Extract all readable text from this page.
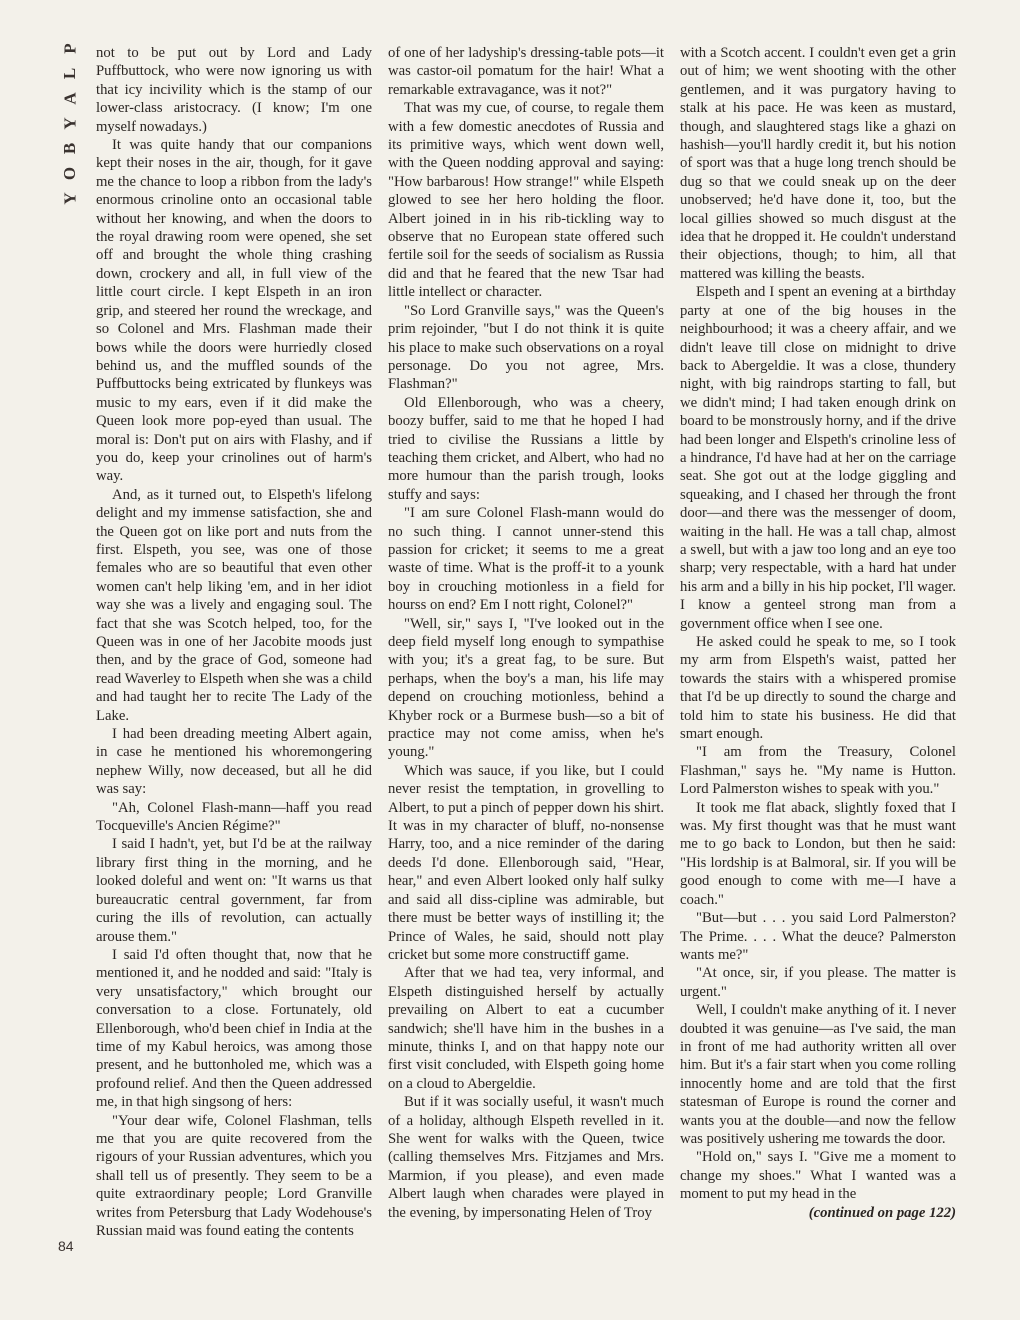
P
L
A
Y
B
O
Y
84

not to be put out by Lord and Lady Puffbuttock, who were now ignoring us with that icy incivility which is the stamp of our lower-class aristocracy. (I know; I'm one myself nowadays.)

It was quite handy that our companions kept their noses in the air, though, for it gave me the chance to loop a ribbon from the lady's enormous crinoline onto an occasional table without her knowing, and when the doors to the royal drawing room were opened, she set off and brought the whole thing crashing down, crockery and all, in full view of the little court circle. I kept Elspeth in an iron grip, and steered her round the wreckage, and so Colonel and Mrs. Flashman made their bows while the doors were hurriedly closed behind us, and the muffled sounds of the Puffbuttocks being extricated by flunkeys was music to my ears, even if it did make the Queen look more pop-eyed than usual. The moral is: Don't put on airs with Flashy, and if you do, keep your crinolines out of harm's way.

And, as it turned out, to Elspeth's lifelong delight and my immense satisfaction, she and the Queen got on like port and nuts from the first. Elspeth, you see, was one of those females who are so beautiful that even other women can't help liking 'em, and in her idiot way she was a lively and engaging soul. The fact that she was Scotch helped, too, for the Queen was in one of her Jacobite moods just then, and by the grace of God, someone had read Waverley to Elspeth when she was a child and had taught her to recite The Lady of the Lake.

I had been dreading meeting Albert again, in case he mentioned his whoremongering nephew Willy, now deceased, but all he did was say:

"Ah, Colonel Flash-mann—haff you read Tocqueville's Ancien Régime?"

I said I hadn't, yet, but I'd be at the railway library first thing in the morning, and he looked doleful and went on: "It warns us that bureaucratic central government, far from curing the ills of revolution, can actually arouse them."

I said I'd often thought that, now that he mentioned it, and he nodded and said: "Italy is very unsatisfactory," which brought our conversation to a close. Fortunately, old Ellenborough, who'd been chief in India at the time of my Kabul heroics, was among those present, and he buttonholed me, which was a profound relief. And then the Queen addressed me, in that high singsong of hers:

"Your dear wife, Colonel Flashman, tells me that you are quite recovered from the rigours of your Russian adventures, which you shall tell us of presently. They seem to be a quite extraordinary people; Lord Granville writes from Petersburg that Lady Wodehouse's Russian maid was found eating the contents

of one of her ladyship's dressing-table pots—it was castor-oil pomatum for the hair! What a remarkable extravagance, was it not?"

That was my cue, of course, to regale them with a few domestic anecdotes of Russia and its primitive ways, which went down well, with the Queen nodding approval and saying: "How barbarous! How strange!" while Elspeth glowed to see her hero holding the floor. Albert joined in in his rib-tickling way to observe that no European state offered such fertile soil for the seeds of socialism as Russia did and that he feared that the new Tsar had little intellect or character.

"So Lord Granville says," was the Queen's prim rejoinder, "but I do not think it is quite his place to make such observations on a royal personage. Do you not agree, Mrs. Flashman?"

Old Ellenborough, who was a cheery, boozy buffer, said to me that he hoped I had tried to civilise the Russians a little by teaching them cricket, and Albert, who had no more humour than the parish trough, looks stuffy and says:

"I am sure Colonel Flash-mann would do no such thing. I cannot unner-stend this passion for cricket; it seems to me a great waste of time. What is the proff-it to a younk boy in crouching motionless in a field for hourss on end? Em I nott right, Colonel?"

"Well, sir," says I, "I've looked out in the deep field myself long enough to sympathise with you; it's a great fag, to be sure. But perhaps, when the boy's a man, his life may depend on crouching motionless, behind a Khyber rock or a Burmese bush—so a bit of practice may not come amiss, when he's young."

Which was sauce, if you like, but I could never resist the temptation, in grovelling to Albert, to put a pinch of pepper down his shirt. It was in my character of bluff, no-nonsense Harry, too, and a nice reminder of the daring deeds I'd done. Ellenborough said, "Hear, hear," and even Albert looked only half sulky and said all diss-cipline was admirable, but there must be better ways of instilling it; the Prince of Wales, he said, should nott play cricket but some more constructiff game.

After that we had tea, very informal, and Elspeth distinguished herself by actually prevailing on Albert to eat a cucumber sandwich; she'll have him in the bushes in a minute, thinks I, and on that happy note our first visit concluded, with Elspeth going home on a cloud to Abergeldie.

But if it was socially useful, it wasn't much of a holiday, although Elspeth revelled in it. She went for walks with the Queen, twice (calling themselves Mrs. Fitzjames and Mrs. Marmion, if you please), and even made Albert laugh when charades were played in the evening, by impersonating Helen of Troy

with a Scotch accent. I couldn't even get a grin out of him; we went shooting with the other gentlemen, and it was purgatory having to stalk at his pace. He was keen as mustard, though, and slaughtered stags like a ghazi on hashish—you'll hardly credit it, but his notion of sport was that a huge long trench should be dug so that we could sneak up on the deer unobserved; he'd have done it, too, but the local gillies showed so much disgust at the idea that he dropped it. He couldn't understand their objections, though; to him, all that mattered was killing the beasts.

Elspeth and I spent an evening at a birthday party at one of the big houses in the neighbourhood; it was a cheery affair, and we didn't leave till close on midnight to drive back to Abergeldie. It was a close, thundery night, with big raindrops starting to fall, but we didn't mind; I had taken enough drink on board to be monstrously horny, and if the drive had been longer and Elspeth's crinoline less of a hindrance, I'd have had at her on the carriage seat. She got out at the lodge giggling and squeaking, and I chased her through the front door—and there was the messenger of doom, waiting in the hall. He was a tall chap, almost a swell, but with a jaw too long and an eye too sharp; very respectable, with a hard hat under his arm and a billy in his hip pocket, I'll wager. I know a genteel strong man from a government office when I see one.

He asked could he speak to me, so I took my arm from Elspeth's waist, patted her towards the stairs with a whispered promise that I'd be up directly to sound the charge and told him to state his business. He did that smart enough.

"I am from the Treasury, Colonel Flashman," says he. "My name is Hutton. Lord Palmerston wishes to speak with you."

It took me flat aback, slightly foxed that I was. My first thought was that he must want me to go back to London, but then he said: "His lordship is at Balmoral, sir. If you will be good enough to come with me—I have a coach."

"But—but . . . you said Lord Palmerston? The Prime. . . . What the deuce? Palmerston wants me?"

"At once, sir, if you please. The matter is urgent."

Well, I couldn't make anything of it. I never doubted it was genuine—as I've said, the man in front of me had authority written all over him. But it's a fair start when you come rolling innocently home and are told that the first statesman of Europe is round the corner and wants you at the double—and now the fellow was positively ushering me towards the door.

"Hold on," says I. "Give me a moment to change my shoes." What I wanted was a moment to put my head in the

(continued on page 122)
